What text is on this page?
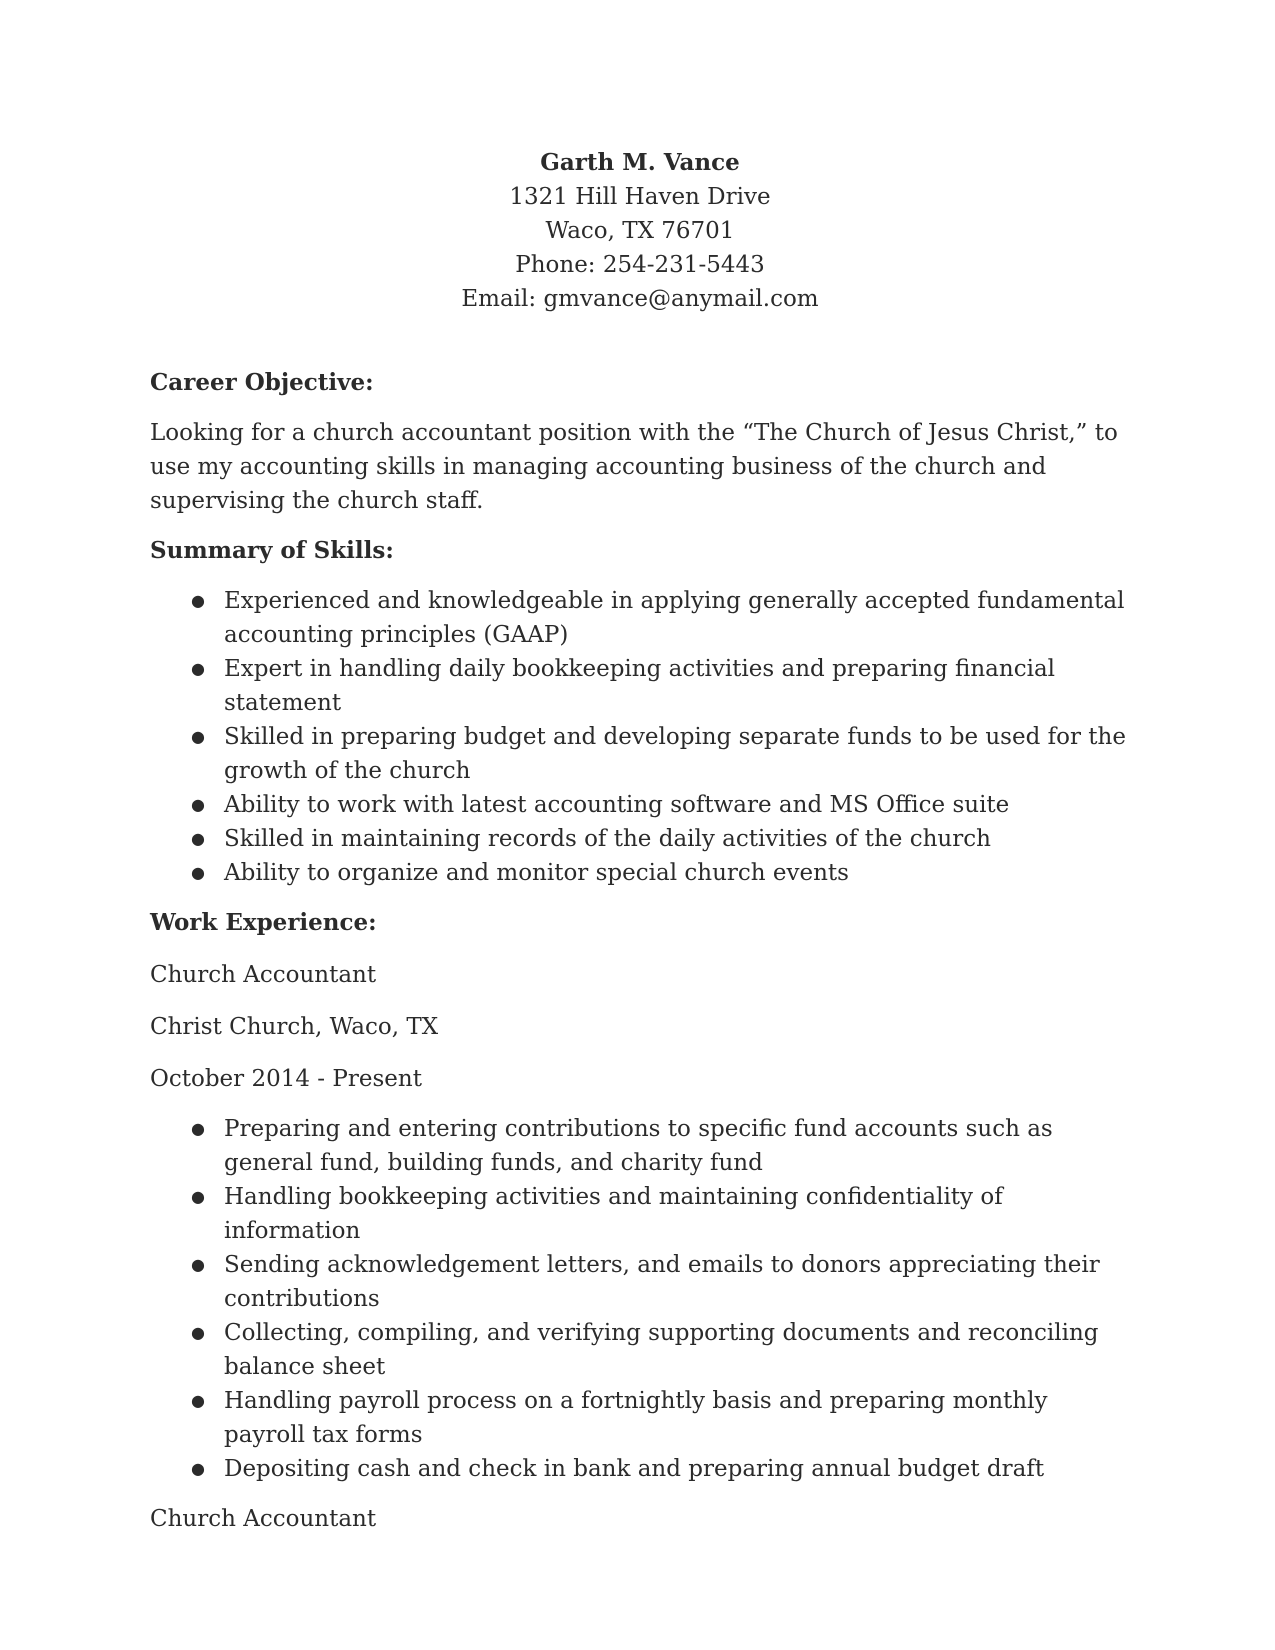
Garth M. Vance
1321 Hill Haven Drive
Waco, TX 76701
Phone: 254-231-5443
Email: gmvance@anymail.com

Career Objective:

Looking for a church accountant position with the “The Church of Jesus Christ,” to use my accounting skills in managing accounting business of the church and supervising the church staff.

Summary of Skills:

● Experienced and knowledgeable in applying generally accepted fundamental accounting principles (GAAP)
● Expert in handling daily bookkeeping activities and preparing financial statement
● Skilled in preparing budget and developing separate funds to be used for the growth of the church
● Ability to work with latest accounting software and MS Office suite
● Skilled in maintaining records of the daily activities of the church
● Ability to organize and monitor special church events

Work Experience:

Church Accountant

Christ Church, Waco, TX

October 2014 - Present

● Preparing and entering contributions to specific fund accounts such as general fund, building funds, and charity fund
● Handling bookkeeping activities and maintaining confidentiality of information
● Sending acknowledgement letters, and emails to donors appreciating their contributions
● Collecting, compiling, and verifying supporting documents and reconciling balance sheet
● Handling payroll process on a fortnightly basis and preparing monthly payroll tax forms
● Depositing cash and check in bank and preparing annual budget draft

Church Accountant
